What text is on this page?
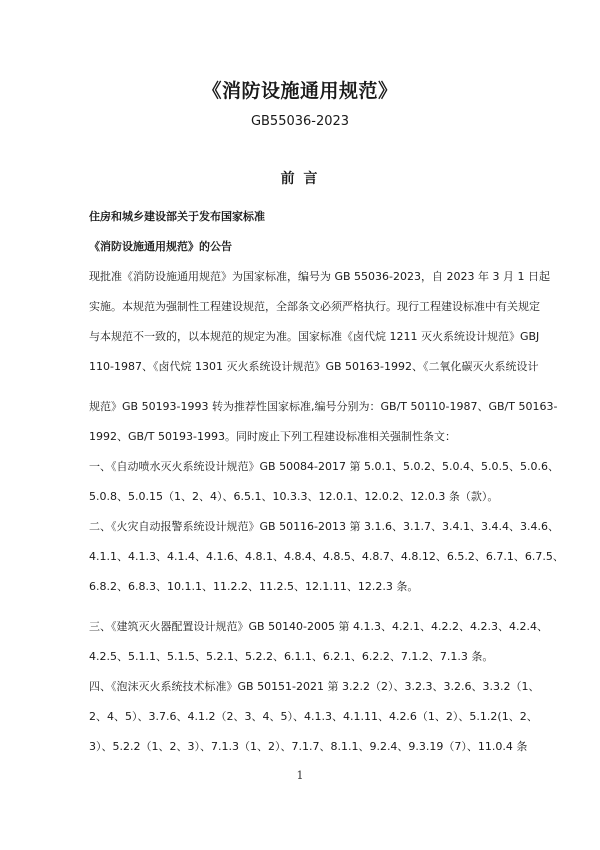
《消防设施通用规范》
GB55036-2023
前 言
住房和城乡建设部关于发布国家标准
《消防设施通用规范》的公告
现批准《消防设施通用规范》为国家标准，编号为 GB 55036-2023，自 2023 年 3 月 1 日起
实施。本规范为强制性工程建设规范，全部条文必须严格执行。现行工程建设标准中有关规定
与本规范不一致的，以本规范的规定为准。国家标准《卤代烷 1211 灭火系统设计规范》GBJ
110-1987、《卤代烷 1301 灭火系统设计规范》GB 50163-1992、《二氧化碳灭火系统设计
规范》GB 50193-1993 转为推荐性国家标准,编号分别为：GB/T 50110-1987、GB/T 50163-
1992、GB/T 50193-1993。同时废止下列工程建设标准相关强制性条文：
一、《自动喷水灭火系统设计规范》GB 50084-2017 第 5.0.1、5.0.2、5.0.4、5.0.5、5.0.6、
5.0.8、5.0.15（1、2、4）、6.5.1、10.3.3、12.0.1、12.0.2、12.0.3 条（款）。
二、《火灾自动报警系统设计规范》GB 50116-2013 第 3.1.6、3.1.7、3.4.1、3.4.4、3.4.6、
4.1.1、4.1.3、4.1.4、4.1.6、4.8.1、4.8.4、4.8.5、4.8.7、4.8.12、6.5.2、6.7.1、6.7.5、
6.8.2、6.8.3、10.1.1、11.2.2、11.2.5、12.1.11、12.2.3 条。
三、《建筑灭火器配置设计规范》GB 50140-2005 第 4.1.3、4.2.1、4.2.2、4.2.3、4.2.4、
4.2.5、5.1.1、5.1.5、5.2.1、5.2.2、6.1.1、6.2.1、6.2.2、7.1.2、7.1.3 条。
四、《泡沫灭火系统技术标准》GB 50151-2021 第 3.2.2（2）、3.2.3、3.2.6、3.3.2（1、
2、4、5）、3.7.6、4.1.2（2、3、4、5）、4.1.3、4.1.11、4.2.6（1、2）、5.1.2(1、2、
3）、5.2.2（1、2、3）、7.1.3（1、2）、7.1.7、8.1.1、9.2.4、9.3.19（7）、11.0.4 条
1
